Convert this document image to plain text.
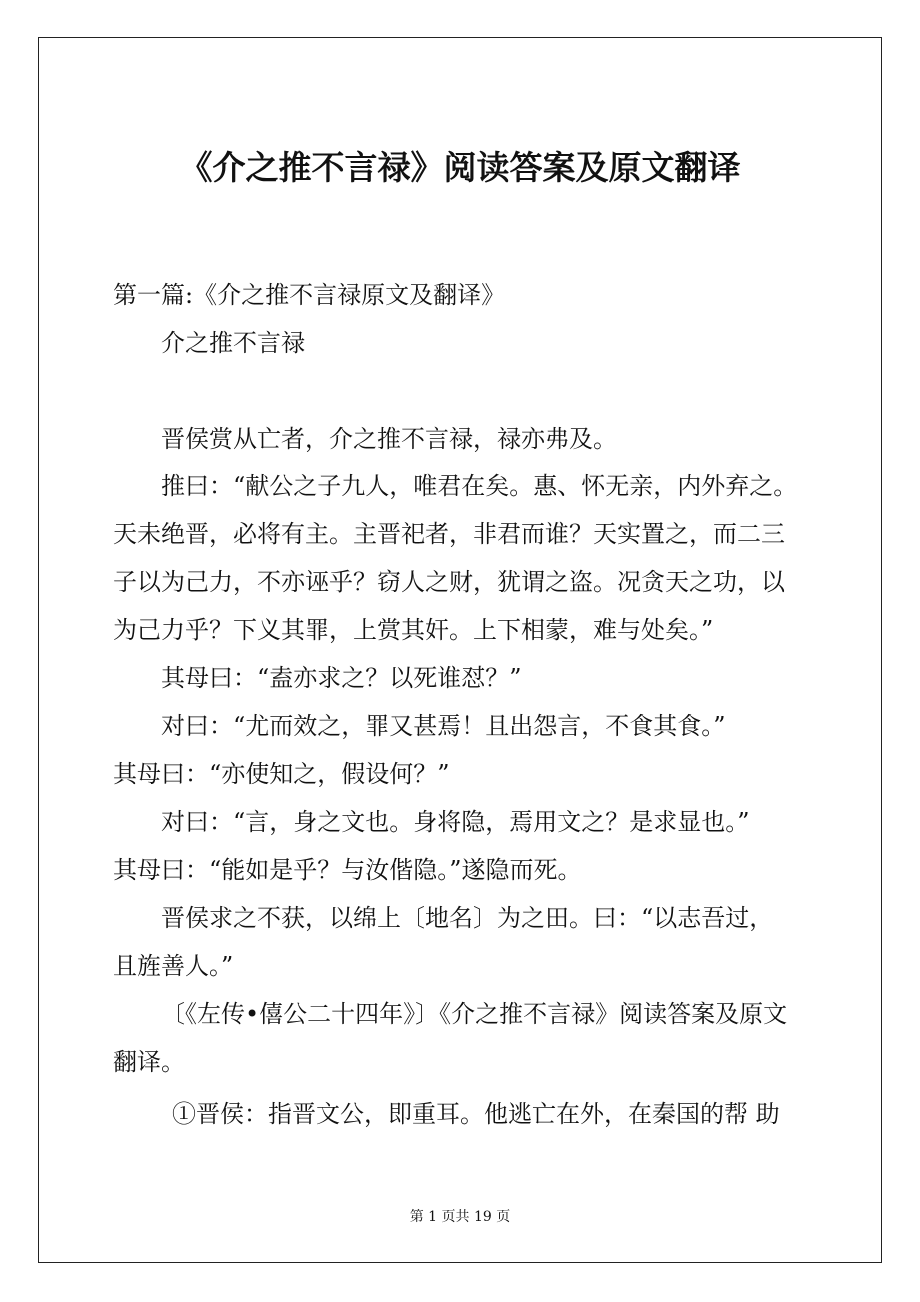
《介之推不言禄》阅读答案及原文翻译

第一篇:《介之推不言禄原文及翻译》

介之推不言禄

晋侯赏从亡者，介之推不言禄，禄亦弗及。

推曰：“献公之子九人，唯君在矣。惠、怀无亲，内外弃之。

天未绝晋，必将有主。主晋祀者，非君而谁？天实置之，而二三

子以为己力，不亦诬乎？窃人之财，犹谓之盗。况贪天之功，以

为己力乎？下义其罪，上赏其奸。上下相蒙，难与处矣。”

其母曰：“盍亦求之？以死谁怼？”

对曰：“尤而效之，罪又甚焉！且出怨言，不食其食。”

其母曰：“亦使知之，假设何？”

对曰：“言，身之文也。身将隐，焉用文之？是求显也。”

其母曰：“能如是乎？与汝偕隐。”遂隐而死。

晋侯求之不获，以绵上〔地名〕为之田。曰：“以志吾过，

且旌善人。”

〔《左传•僖公二十四年》〕《介之推不言禄》阅读答案及原文

翻译。

①晋侯：指晋文公，即重耳。他逃亡在外，在秦国的帮 助

第 1 页共 19 页
